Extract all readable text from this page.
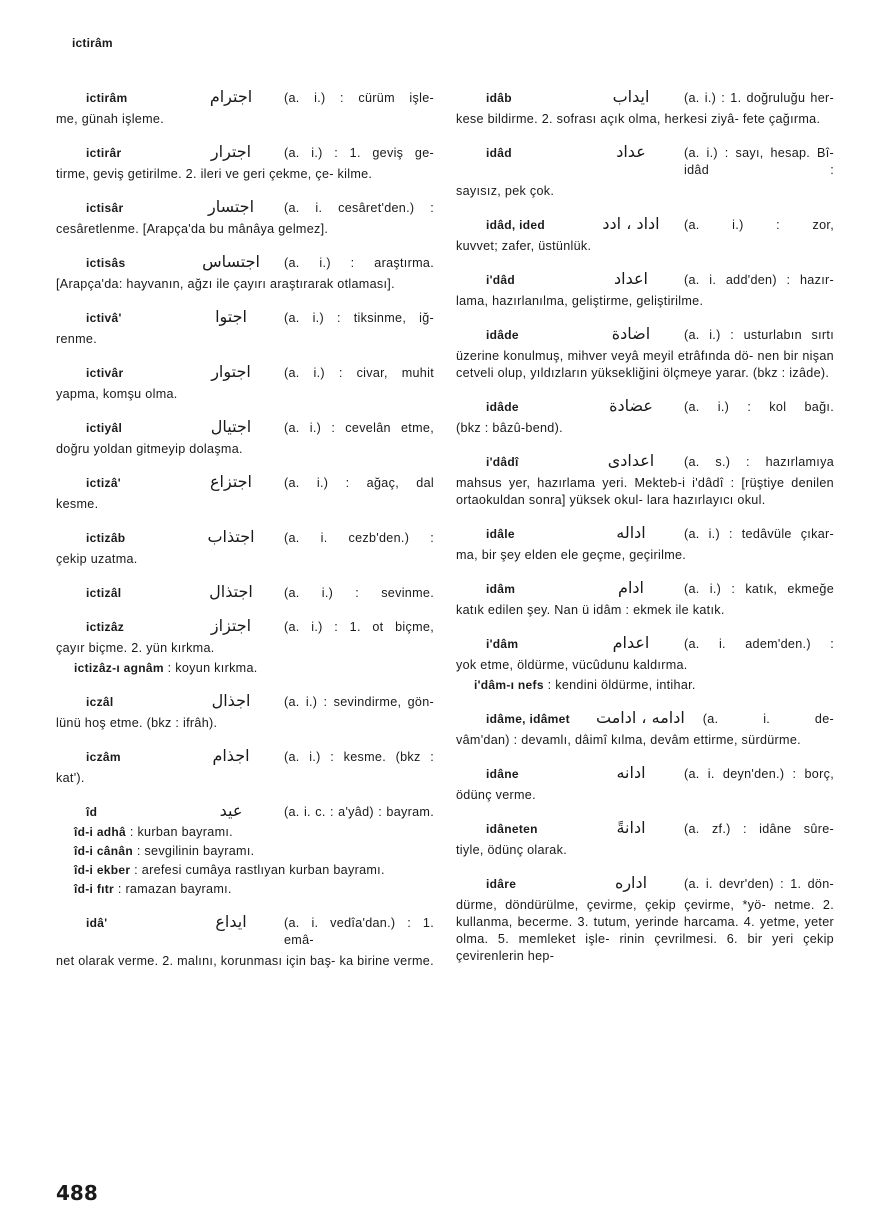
ictirâm
ictirâm	اجترام	(a. i.) : cürüm işle-
me, günah işleme.
ictirâr	اجترار	(a. i.) : 1. geviş ge-
tirme, geviş getirilme. 2. ileri ve geri çekme, çe- kilme.
ictisâr	اجتسار	(a. i. cesâret'den.) :
cesâretlenme. [Arapça'da bu mânâya gelmez].
ictisâs	اجتساس	(a. i.) : araştırma.
[Arapça'da: hayvanın, ağzı ile çayırı araştırarak otlaması].
ictivâ'	اجتوا	(a. i.) : tiksinme, iğ-
renme.
ictivâr	اجتوار	(a. i.) : civar, muhit
yapma, komşu olma.
ictiyâl	اجتيال	(a. i.) : cevelân etme,
doğru yoldan gitmeyip dolaşma.
ictizâ'	اجتزاع	(a. i.) : ağaç, dal
kesme.
ictizâb	اجتذاب	(a. i. cezb'den.) :
çekip uzatma.
ictizâl	اجتذال	(a. i.) : sevinme.
ictizâz	اجتزاز	(a. i.) : 1. ot biçme,
çayır biçme. 2. yün kırkma.
ictizâz-ı agnâm : koyun kırkma.
iczâl	اجذال	(a. i.) : sevindirme, gön-
lünü hoş etme. (bkz : ifrâh).
iczâm	اجذام	(a. i.) : kesme. (bkz :
kat').
îd	عيد	(a. i. c. : a'yâd) : bayram.
îd-i adhâ : kurban bayramı.
îd-i cânân : sevgilinin bayramı.
îd-i ekber : arefesi cumâya rastlıyan kurban bayramı.
îd-i fıtr : ramazan bayramı.
idâ'	ايداع	(a. i. vedîa'dan.) : 1. emâ-
net olarak verme. 2. malını, korunması için baş- ka birine verme.
idâb	ايداب	(a. i.) : 1. doğruluğu her-
kese bildirme. 2. sofrası açık olma, herkesi ziyâ- fete çağırma.
idâd	عداد	(a. i.) : sayı, hesap. Bî-idâd :
sayısız, pek çok.
idâd, ided	اداد ، ادد	(a. i.) : zor,
kuvvet; zafer, üstünlük.
i'dâd	اعداد	(a. i. add'den) : hazır-
lama, hazırlanılma, geliştirme, geliştirilme.
idâde	اضادة	(a. i.) : usturlabın sırtı
üzerine konulmuş, mihver veyâ meyil etrâfında dö- nen bir nişan cetveli olup, yıldızların yüksekliğini ölçmeye yarar. (bkz : izâde).
idâde	عضادة	(a. i.) : kol bağı.
(bkz : bâzû-bend).
i'dâdî	اعدادى	(a. s.) : hazırlamıya
mahsus yer, hazırlama yeri. Mekteb-i i'dâdî : [rüştiye denilen ortaokuldan sonra] yüksek okul- lara hazırlayıcı okul.
idâle	اداله	(a. i.) : tedâvüle çıkar-
ma, bir şey elden ele geçme, geçirilme.
idâm	ادام	(a. i.) : katık, ekmeğe
katık edilen şey. Nan ü idâm : ekmek ile katık.
i'dâm	اعدام	(a. i. adem'den.) :
yok etme, öldürme, vücûdunu kaldırma.
i'dâm-ı nefs : kendini öldürme, intihar.
idâme, idâmet	ادامه ، ادامت (a. i. de-
vâm'dan) : devamlı, dâimî kılma, devâm ettirme, sürdürme.
idâne	ادانه	(a. i. deyn'den.) : borç,
ödünç verme.
idâneten	ادانةً	(a. zf.) : idâne sûre-
tiyle, ödünç olarak.
idâre	اداره	(a. i. devr'den) : 1. dön-
dürme, döndürülme, çevirme, çekip çevirme, *yö- netme. 2. kullanma, becerme. 3. tutum, yerinde harcama. 4. yetme, yeter olma. 5. memleket işle- rinin çevrilmesi. 6. bir yeri çekip çevirenlerin hep-
488
